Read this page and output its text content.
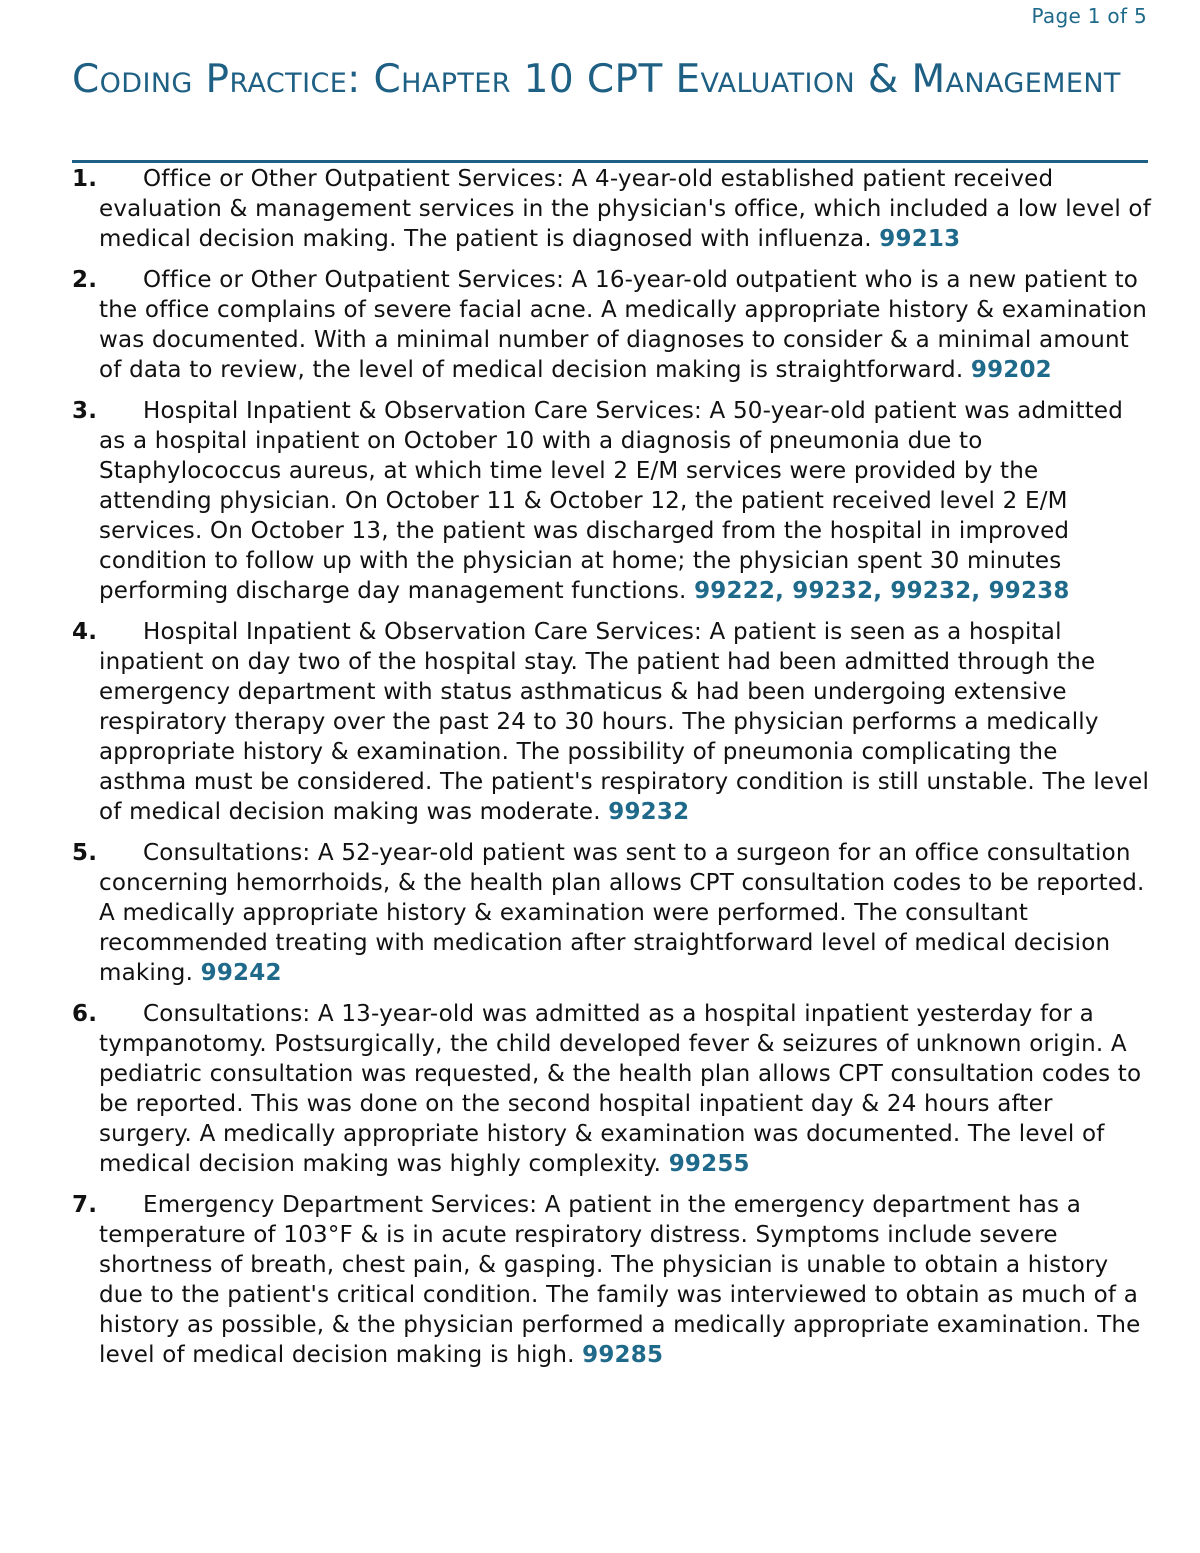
Page 1 of 5
Coding Practice: Chapter 10 CPT Evaluation & Management
1.	Office or Other Outpatient Services: A 4-year-old established patient received evaluation & management services in the physician's office, which included a low level of medical decision making. The patient is diagnosed with influenza. 99213
2.	Office or Other Outpatient Services: A 16-year-old outpatient who is a new patient to the office complains of severe facial acne. A medically appropriate history & examination was documented. With a minimal number of diagnoses to consider & a minimal amount of data to review, the level of medical decision making is straightforward. 99202
3.	Hospital Inpatient & Observation Care Services: A 50-year-old patient was admitted as a hospital inpatient on October 10 with a diagnosis of pneumonia due to Staphylococcus aureus, at which time level 2 E/M services were provided by the attending physician. On October 11 & October 12, the patient received level 2 E/M services. On October 13, the patient was discharged from the hospital in improved condition to follow up with the physician at home; the physician spent 30 minutes performing discharge day management functions. 99222, 99232, 99232, 99238
4.	Hospital Inpatient & Observation Care Services: A patient is seen as a hospital inpatient on day two of the hospital stay. The patient had been admitted through the emergency department with status asthmaticus & had been undergoing extensive respiratory therapy over the past 24 to 30 hours. The physician performs a medically appropriate history & examination. The possibility of pneumonia complicating the asthma must be considered. The patient's respiratory condition is still unstable. The level of medical decision making was moderate. 99232
5.	Consultations: A 52-year-old patient was sent to a surgeon for an office consultation concerning hemorrhoids, & the health plan allows CPT consultation codes to be reported. A medically appropriate history & examination were performed. The consultant recommended treating with medication after straightforward level of medical decision making. 99242
6.	Consultations: A 13-year-old was admitted as a hospital inpatient yesterday for a tympanotomy. Postsurgically, the child developed fever & seizures of unknown origin. A pediatric consultation was requested, & the health plan allows CPT consultation codes to be reported. This was done on the second hospital inpatient day & 24 hours after surgery. A medically appropriate history & examination was documented. The level of medical decision making was highly complexity. 99255
7.	Emergency Department Services: A patient in the emergency department has a temperature of 103°F & is in acute respiratory distress. Symptoms include severe shortness of breath, chest pain, & gasping. The physician is unable to obtain a history due to the patient's critical condition. The family was interviewed to obtain as much of a history as possible, & the physician performed a medically appropriate examination. The level of medical decision making is high. 99285
